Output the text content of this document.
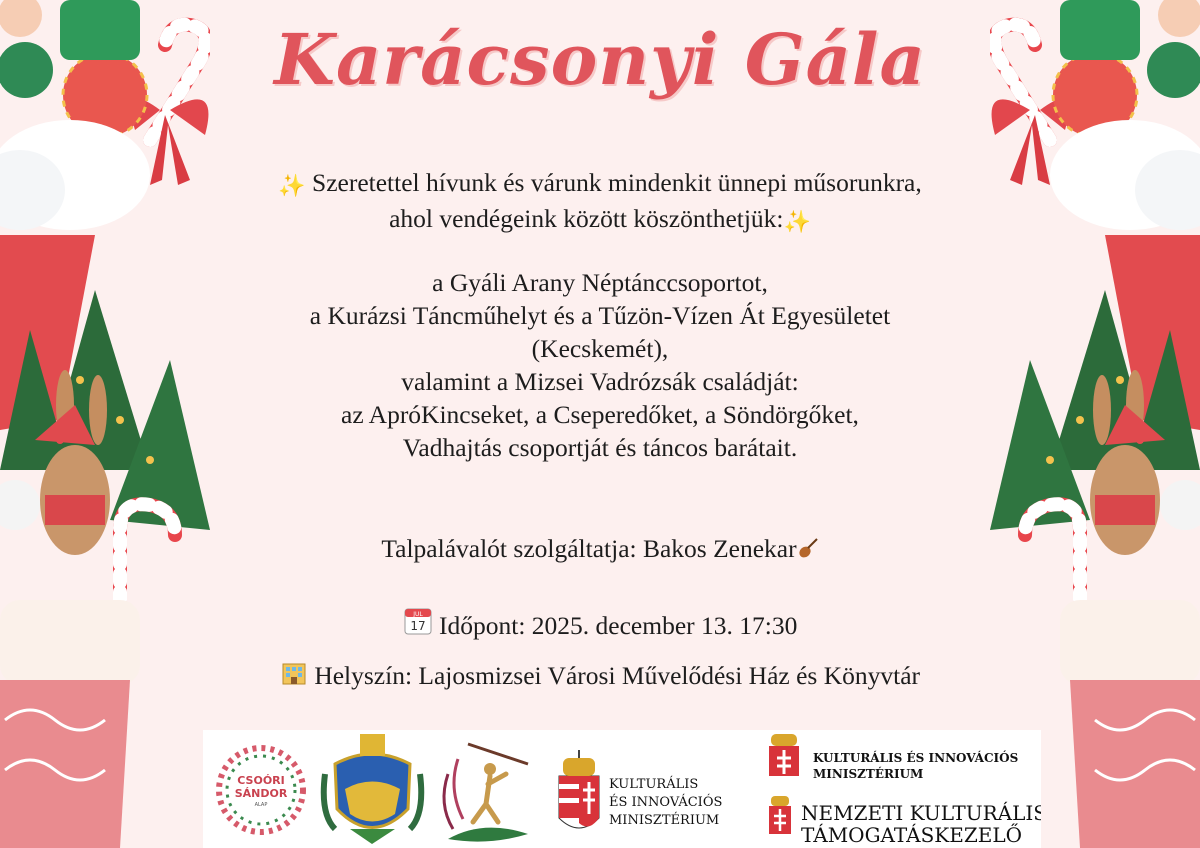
Karácsonyi Gála
✨ Szeretettel hívunk és várunk mindenkit ünnepi műsorunkra,
ahol vendégeink között köszönthetjük:✨
a Gyáli Arany Néptánccsoportot,
a Kurázsi Táncműhelyt és a Tűzön-Vízen Át Egyesületet
(Kecskemét),
valamint a Mizsei Vadrózsák családját:
az ApróKincseket, a Cseperedőket, a Söndörgőket,
Vadhajtás csoportját és táncos barátait.
Talpalávalót szolgáltatja: Bakos Zenekar
JUL
17 Időpont: 2025. december 13. 17:30
Helyszín: Lajosmizsei Városi Művelődési Ház és Könyvtár
CSOÓRI
SÁNDOR
ALAP
KULTURÁLIS
ÉS INNOVÁCIÓS
MINISZTÉRIUM
KULTURÁLIS ÉS INNOVÁCIÓS
MINISZTÉRIUM
NEMZETI KULTURÁLIS
TÁMOGATÁSKEZELŐ
